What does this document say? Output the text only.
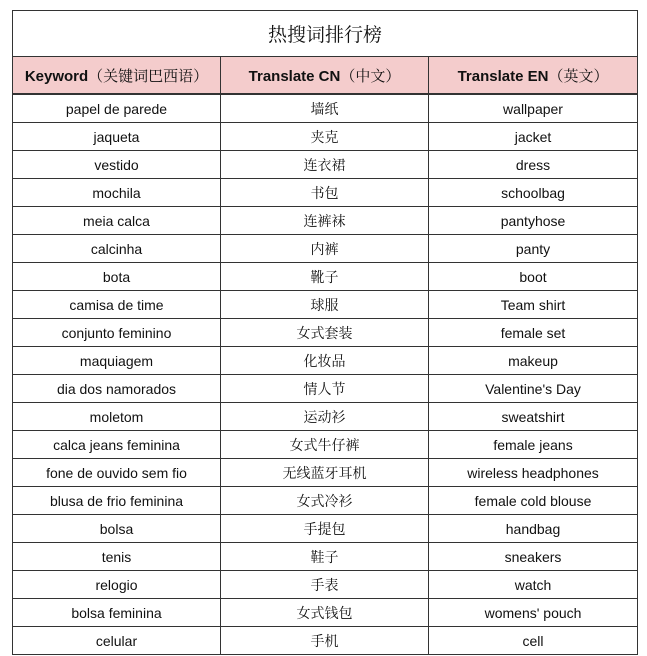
热搜词排行榜		
Keyword（关键词巴西语）	Translate CN（中文）	Translate EN（英文）
papel de parede	墙纸	wallpaper
jaqueta	夹克	jacket
vestido	连衣裙	dress
mochila	书包	schoolbag
meia calca	连裤袜	pantyhose
calcinha	内裤	panty
bota	靴子	boot
camisa de time	球服	Team shirt
conjunto feminino	女式套装	female set
maquiagem	化妆品	makeup
dia dos namorados	情人节	Valentine's Day
moletom	运动衫	sweatshirt
calca jeans feminina	女式牛仔裤	female jeans
fone de ouvido sem fio	无线蓝牙耳机	wireless headphones
blusa de frio feminina	女式冷衫	female cold blouse
bolsa	手提包	handbag
tenis	鞋子	sneakers
relogio	手表	watch
bolsa feminina	女式钱包	womens' pouch
celular	手机	cell
